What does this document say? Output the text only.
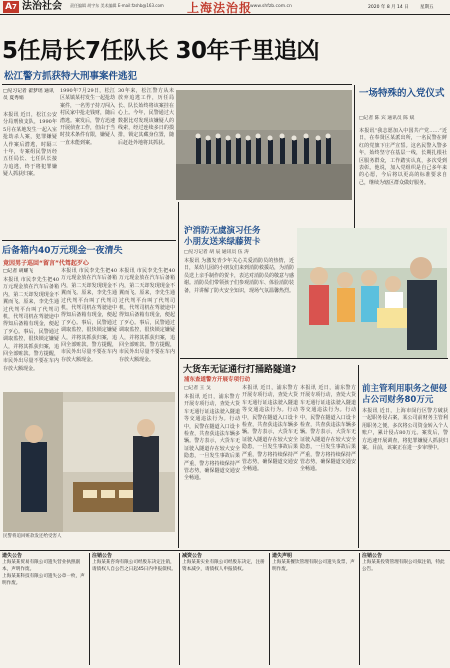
A7 法治社会 责任编辑 胡宇东 美术编辑 E-mail:fzshb@163.com	上海法治报
www.shfzb.com.cn	2020 年 8 月 14 日	星期五
5任局长7任队长 30年千里追凶
松江警方抓获特大刑事案件逃犯
□见习记者 翟梦瑶 通讯员 夏秀娟
本报讯 近日，松江公安分局刑侦支队，1990年5月在某地发生一起入室抢劫杀人案，犯罪嫌疑人作案后潜逃，时隔三十年，专案组民警历经五任局长、七任队长接力追逃，终于将犯罪嫌疑人抓获归案。
1990年7月29日，松江区某镇某村发生一起抢劫案件，一名男子持刀闯入村民家中抢走钱财，随后潜逃。案发后，警方迅速开展侦查工作，但由于当时技术条件有限，嫌疑人一直未能到案。
30年来，松江警方从未放弃追逃工作，历任局长、队长始终将该案挂在心上。今年，民警通过大数据比对发现该嫌疑人的线索，经过连续多日的摸排，锁定其藏身位置，随后赶赴外地将其抓获。
一场特殊的入党仪式
□记者 陈 宾 通讯员 陈 斌
本报讯“我志愿加入中国共产党……”近日，在奉贤区某派出所，一名民警在鲜红的党旗下庄严宣誓。这名民警入警多年，始终坚守在基层一线，长期扎根社区服务群众，工作踏实认真，多次受到表彰。他说，加入党组织是自己多年来的心愿，今后将以更高的标准要求自己，继续为辖区群众做好服务。
后备箱内40万元现金一夜清失
竟因男子巡回“留言”代驾起歹心
□记者 胡耀飞
本报讯 市民李先生把40万元现金放在汽车后备箱内，第二天却发现现金不翼而飞。原来，李先生通过代驾平台叫了代驾司机，代驾司机在驾驶途中得知后备箱有现金，便起了歹心。事后，民警通过调取监控，很快锁定嫌疑人，并将其抓获归案，追回全部赃款。警方提醒，市民外出尽量不要在车内存放大额现金。
本报讯 市民李先生把40万元现金放在汽车后备箱内，第二天却发现现金不翼而飞。原来，李先生通过代驾平台叫了代驾司机，代驾司机在驾驶途中得知后备箱有现金，便起了歹心。事后，民警通过调取监控，很快锁定嫌疑人，并将其抓获归案，追回全部赃款。警方提醒，市民外出尽量不要在车内存放大额现金。
本报讯 市民李先生把40万元现金放在汽车后备箱内，第二天却发现现金不翼而飞。原来，李先生通过代驾平台叫了代驾司机，代驾司机在驾驶途中得知后备箱有现金，便起了歹心。事后，民警通过调取监控，很快锁定嫌疑人，并将其抓获归案，追回全部赃款。警方提醒，市民外出尽量不要在车内存放大额现金。
民警将追回赃款发还给受害人
沪消防无虞演习任务
小朋友送来绿藤贺卡
□见习记者 胡 辰 通讯员 伍 涛
本报讯 为激发青少年关心关爱消防员的热情，近日，某幼儿园的小朋友们来到消防救援站，为消防员送上亲手制作的贺卡，表达对消防员的敬意与感谢。消防员们带领孩子们参观消防车、体验消防装备，并讲解了防火安全知识，现场气氛温馨热烈。
大货车无证通行打捅路隧道?
浦东查道警方开展专项行动
□记者 王 戈
本报讯 近日，浦东警方开展专项行动，查处大货车无通行证违法驶入隧道等交通违法行为。行动中，民警在隧道入口设卡检查，共查获违法车辆多辆。警方表示，大货车无证驶入隧道存在较大安全隐患，一旦发生事故后果严重，警方将持续保持严管态势，确保隧道交通安全畅通。
本报讯 近日，浦东警方开展专项行动，查处大货车无通行证违法驶入隧道等交通违法行为。行动中，民警在隧道入口设卡检查，共查获违法车辆多辆。警方表示，大货车无证驶入隧道存在较大安全隐患，一旦发生事故后果严重，警方将持续保持严管态势，确保隧道交通安全畅通。
本报讯 近日，浦东警方开展专项行动，查处大货车无通行证违法驶入隧道等交通违法行为。行动中，民警在隧道入口设卡检查，共查获违法车辆多辆。警方表示，大货车无证驶入隧道存在较大安全隐患，一旦发生事故后果严重，警方将持续保持严管态势，确保隧道交通安全畅通。
前主管利用职务之便侵占公司财务80万元
本报讯 近日，上海市闵行区警方破获一起职务侵占案，某公司前财务主管利用职务之便，多次将公司资金转入个人账户，累计侵占80万元。案发后，警方迅速开展调查，将犯罪嫌疑人抓获归案。目前，该案正在进一步审理中。
遗失公告
上海某某贸易有限公司遗失营业执照副本，声明作废。
上海某某科技有限公司遗失公章一枚，声明作废。
注销公告
上海某某咨询有限公司经股东决定注销，请债权人自公告之日起45日内申报债权。
减资公告
上海某某实业有限公司经股东决定，注册资本减少，请债权人申报债权。
遗失声明
上海某某餐饮管理有限公司遗失发票，声明作废。
注销公告
上海某某投资管理有限公司拟注销，特此公告。
